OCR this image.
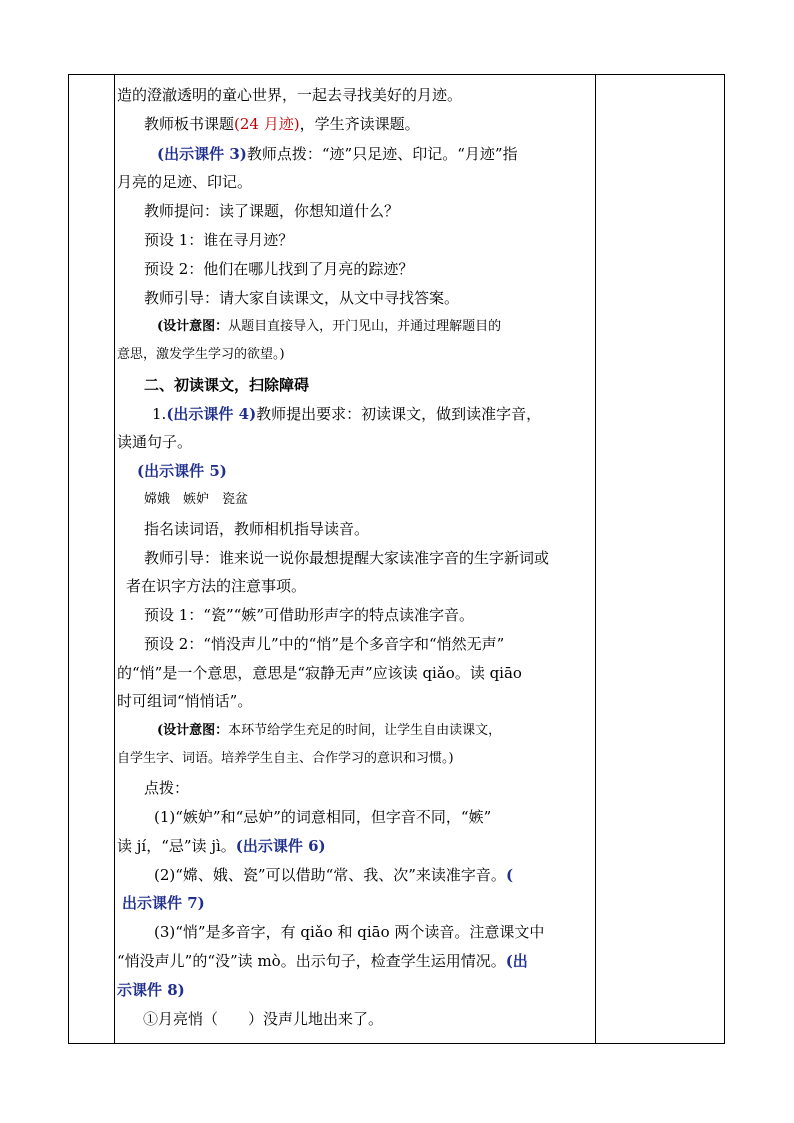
造的澄澈透明的童心世界，一起去寻找美好的月迹。
教师板书课题(24 月迹)，学生齐读课题。
(出示课件 3)教师点拨：“迹”只足迹、印记。“月迹”指
月亮的足迹、印记。
教师提问：读了课题，你想知道什么？
预设 1：谁在寻月迹？
预设 2：他们在哪儿找到了月亮的踪迹？
教师引导：请大家自读课文，从文中寻找答案。
(设计意图：从题目直接导入，开门见山，并通过理解题目的
意思，激发学生学习的欲望。)
二、初读课文，扫除障碍
1.(出示课件 4)教师提出要求：初读课文，做到读准字音，
读通句子。
(出示课件 5)
嫦娥　嫉妒　瓷盆
指名读词语，教师相机指导读音。
教师引导：谁来说一说你最想提醒大家读准字音的生字新词或
者在识字方法的注意事项。
预设 1：“瓷”“嫉”可借助形声字的特点读准字音。
预设 2：“悄没声儿”中的“悄”是个多音字和“悄然无声”
的“悄”是一个意思，意思是“寂静无声”应该读 qiǎo。读 qiāo
时可组词“悄悄话”。
(设计意图：本环节给学生充足的时间，让学生自由读课文，
自学生字、词语。培养学生自主、合作学习的意识和习惯。)
点拨：
(1)“嫉妒”和“忌妒”的词意相同，但字音不同，“嫉”
读 jí，“忌”读 jì。(出示课件 6)
(2)“嫦、娥、瓷”可以借助“常、我、次”来读准字音。(
出示课件 7)
(3)“悄”是多音字，有 qiǎo 和 qiāo 两个读音。注意课文中
“悄没声儿”的“没”读 mò。出示句子，检查学生运用情况。(出
示课件 8)
①月亮悄（　　）没声儿地出来了。
